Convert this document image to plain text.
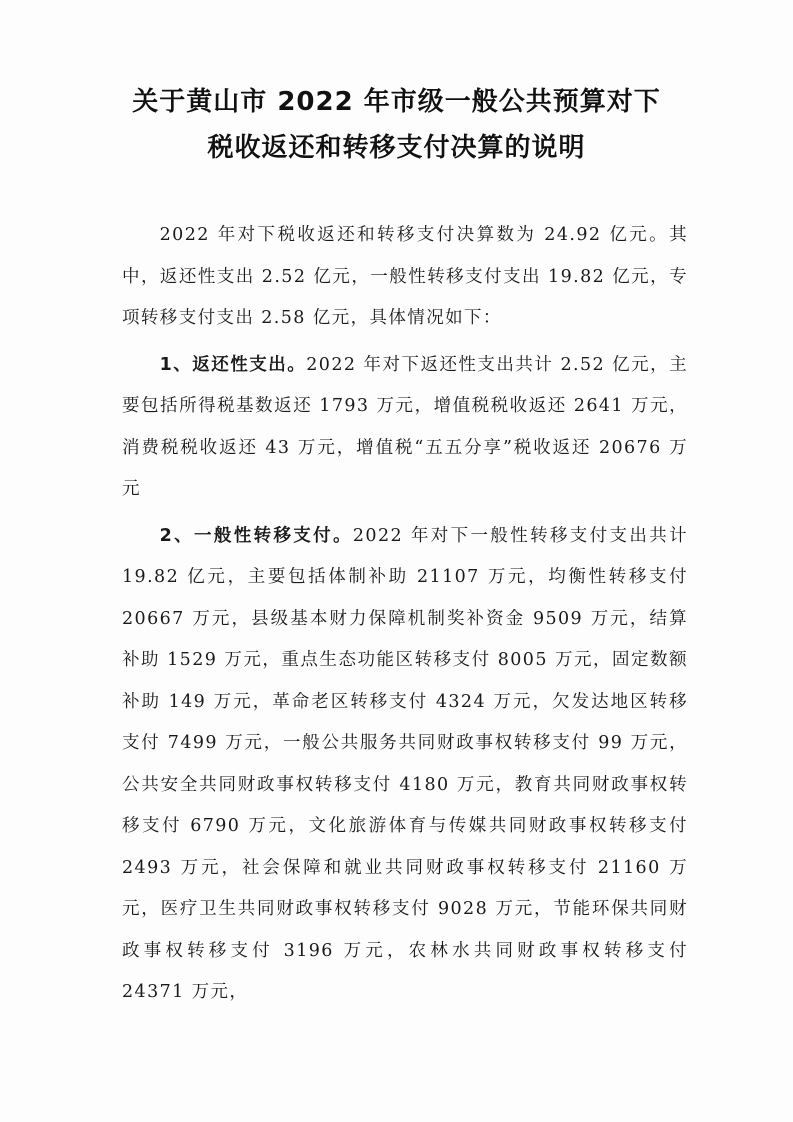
关于黄山市 2022 年市级一般公共预算对下
税收返还和转移支付决算的说明

2022 年对下税收返还和转移支付决算数为 24.92 亿元。其中，返还性支出 2.52 亿元，一般性转移支付支出 19.82 亿元，专项转移支付支出 2.58 亿元，具体情况如下：

1、返还性支出。2022 年对下返还性支出共计 2.52 亿元，主要包括所得税基数返还 1793 万元，增值税税收返还 2641 万元，消费税税收返还 43 万元，增值税“五五分享”税收返还 20676 万元

2、一般性转移支付。2022 年对下一般性转移支付支出共计 19.82 亿元，主要包括体制补助 21107 万元，均衡性转移支付 20667 万元，县级基本财力保障机制奖补资金 9509 万元，结算补助 1529 万元，重点生态功能区转移支付 8005 万元，固定数额补助 149 万元，革命老区转移支付 4324 万元，欠发达地区转移支付 7499 万元，一般公共服务共同财政事权转移支付 99 万元，公共安全共同财政事权转移支付 4180 万元，教育共同财政事权转移支付 6790 万元，文化旅游体育与传媒共同财政事权转移支付 2493 万元，社会保障和就业共同财政事权转移支付 21160 万元，医疗卫生共同财政事权转移支付 9028 万元，节能环保共同财政事权转移支付 3196 万元，农林水共同财政事权转移支付 24371 万元，
